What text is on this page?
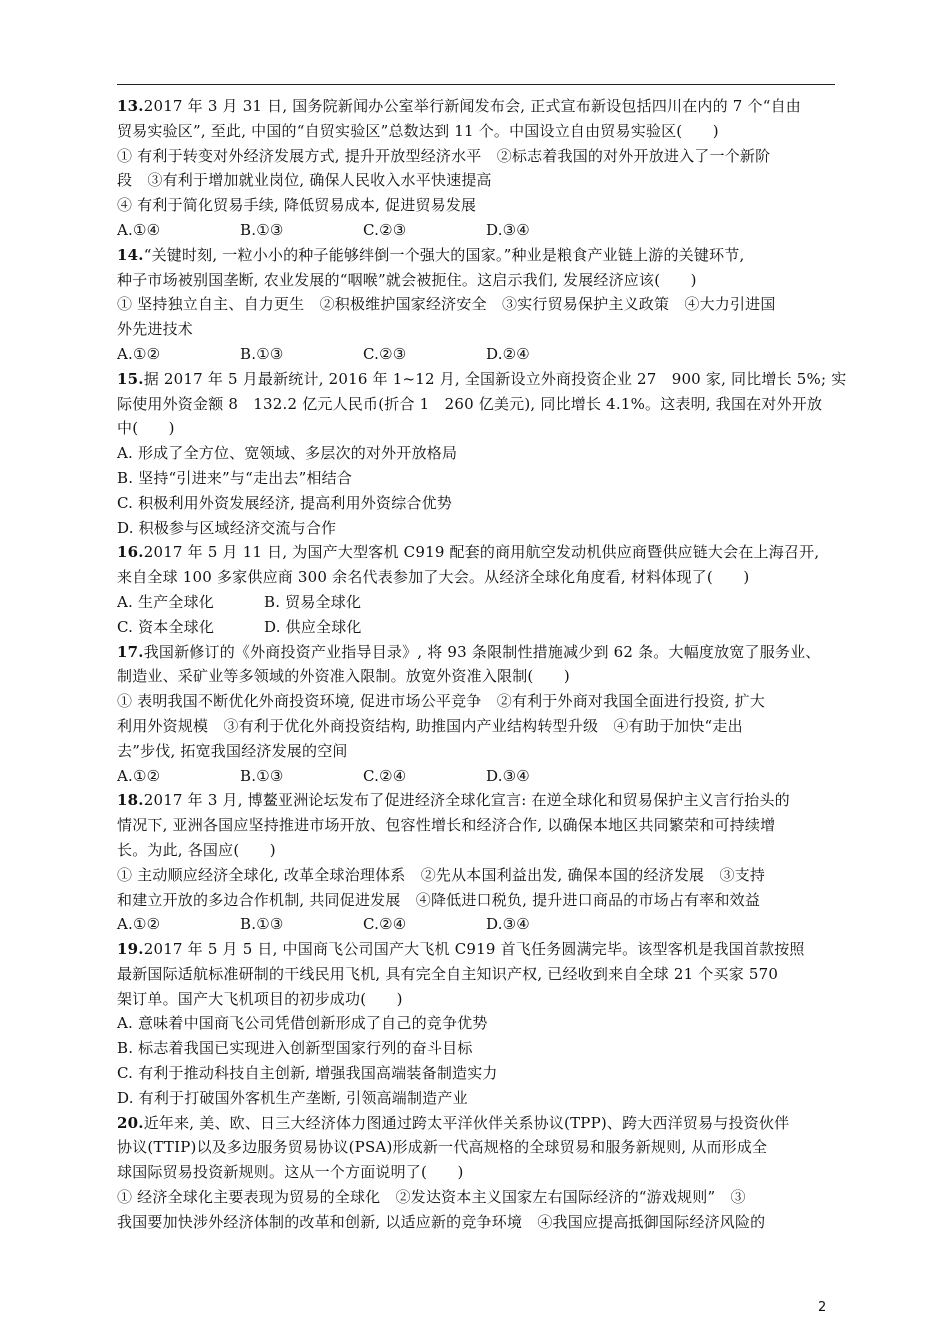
13.2017 年 3 月 31 日, 国务院新闻办公室举行新闻发布会, 正式宣布新设包括四川在内的 7 个“自由
贸易实验区”, 至此, 中国的“自贸实验区”总数达到 11 个。中国设立自由贸易实验区(　　)
① 有利于转变对外经济发展方式, 提升开放型经济水平　②标志着我国的对外开放进入了一个新阶
段　③有利于增加就业岗位, 确保人民收入水平快速提高
④ 有利于简化贸易手续, 降低贸易成本, 促进贸易发展
A.①④	B.①③	C.②③	D.③④
14.“关键时刻, 一粒小小的种子能够绊倒一个强大的国家。”种业是粮食产业链上游的关键环节,
种子市场被别国垄断, 农业发展的“咽喉”就会被扼住。这启示我们, 发展经济应该(　　)
① 坚持独立自主、自力更生　②积极维护国家经济安全　③实行贸易保护主义政策　④大力引进国
外先进技术
A.①②	B.①③	C.②③	D.②④
15.据 2017 年 5 月最新统计, 2016 年 1~12 月, 全国新设立外商投资企业 27　900 家, 同比增长 5%; 实
际使用外资金额 8　132.2 亿元人民币(折合 1　260 亿美元), 同比增长 4.1%。这表明, 我国在对外开放
中(　　)
A. 形成了全方位、宽领域、多层次的对外开放格局
B. 坚持“引进来”与“走出去”相结合
C. 积极利用外资发展经济, 提高利用外资综合优势
D. 积极参与区域经济交流与合作
16.2017 年 5 月 11 日, 为国产大型客机 C919 配套的商用航空发动机供应商暨供应链大会在上海召开,
来自全球 100 多家供应商 300 余名代表参加了大会。从经济全球化角度看, 材料体现了(　　)
A. 生产全球化	B. 贸易全球化
C. 资本全球化	D. 供应全球化
17.我国新修订的《外商投资产业指导目录》, 将 93 条限制性措施减少到 62 条。大幅度放宽了服务业、
制造业、采矿业等多领域的外资准入限制。放宽外资准入限制(　　)
① 表明我国不断优化外商投资环境, 促进市场公平竞争　②有利于外商对我国全面进行投资, 扩大
利用外资规模　③有利于优化外商投资结构, 助推国内产业结构转型升级　④有助于加快“走出
去”步伐, 拓宽我国经济发展的空间
A.①②	B.①③	C.②④	D.③④
18.2017 年 3 月, 博鳌亚洲论坛发布了促进经济全球化宣言: 在逆全球化和贸易保护主义言行抬头的
情况下, 亚洲各国应坚持推进市场开放、包容性增长和经济合作, 以确保本地区共同繁荣和可持续增
长。为此, 各国应(　　)
① 主动顺应经济全球化, 改革全球治理体系　②先从本国利益出发, 确保本国的经济发展　③支持
和建立开放的多边合作机制, 共同促进发展　④降低进口税负, 提升进口商品的市场占有率和效益
A.①②	B.①③	C.②④	D.③④
19.2017 年 5 月 5 日, 中国商飞公司国产大飞机 C919 首飞任务圆满完毕。该型客机是我国首款按照
最新国际适航标准研制的干线民用飞机, 具有完全自主知识产权, 已经收到来自全球 21 个买家 570
架订单。国产大飞机项目的初步成功(　　)
A. 意味着中国商飞公司凭借创新形成了自己的竞争优势
B. 标志着我国已实现进入创新型国家行列的奋斗目标
C. 有利于推动科技自主创新, 增强我国高端装备制造实力
D. 有利于打破国外客机生产垄断, 引领高端制造产业
20.近年来, 美、欧、日三大经济体力图通过跨太平洋伙伴关系协议(TPP)、跨大西洋贸易与投资伙伴
协议(TTIP)以及多边服务贸易协议(PSA)形成新一代高规格的全球贸易和服务新规则, 从而形成全
球国际贸易投资新规则。这从一个方面说明了(　　)
① 经济全球化主要表现为贸易的全球化　②发达资本主义国家左右国际经济的“游戏规则”　③
我国要加快涉外经济体制的改革和创新, 以适应新的竞争环境　④我国应提高抵御国际经济风险的
2
